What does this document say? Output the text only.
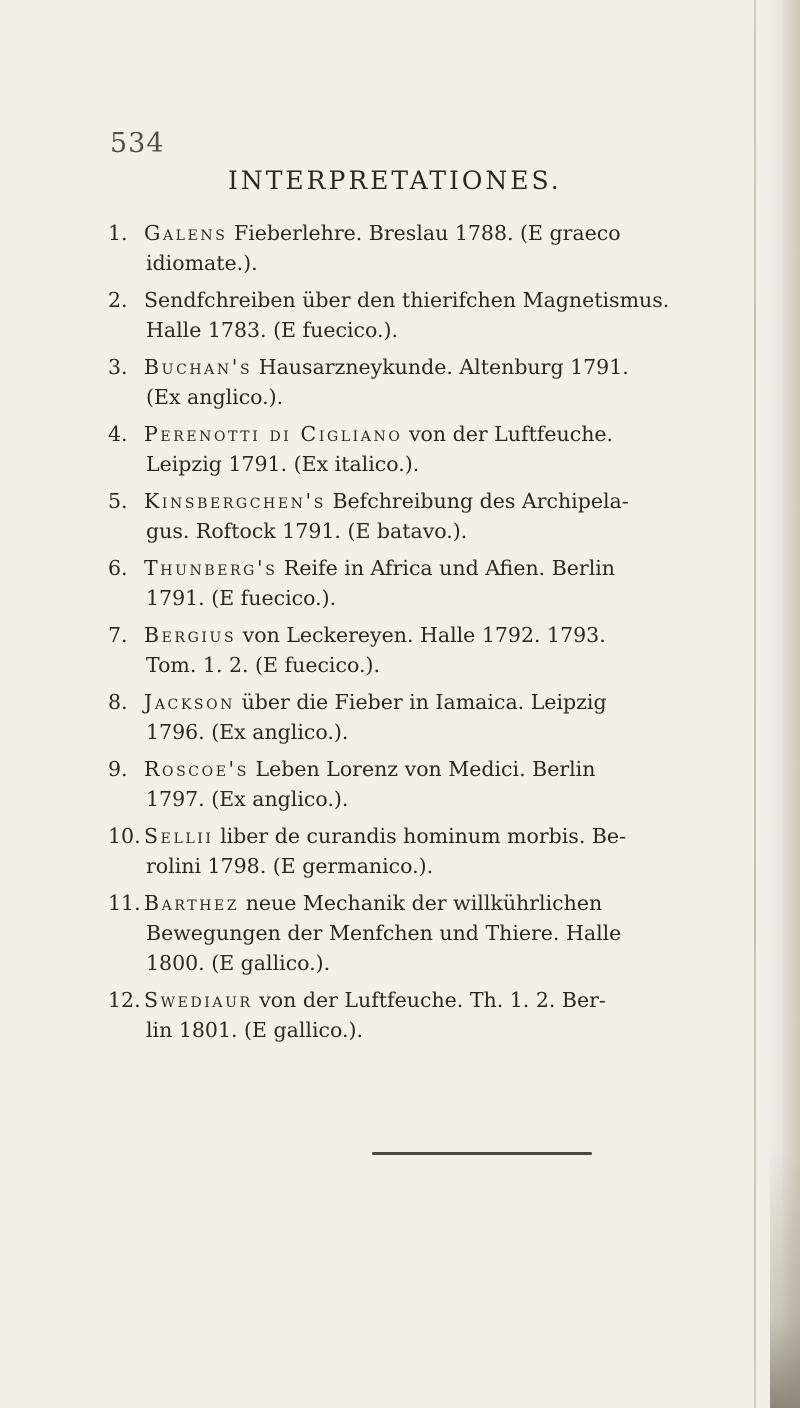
534
INTERPRETATIONES.
1. Galens Fieberlehre. Breslau 1788. (E graeco
idiomate.).
2. Sendfchreiben über den thierifchen Magnetismus.
Halle 1783. (E fuecico.).
3. Buchan's Hausarzneykunde. Altenburg 1791.
(Ex anglico.).
4. Perenotti di Cigliano von der Luftfeuche.
Leipzig 1791. (Ex italico.).
5. Kinsbergchen's Befchreibung des Archipela-
gus. Roftock 1791. (E batavo.).
6. Thunberg's Reife in Africa und Afien. Berlin
1791. (E fuecico.).
7. Bergius von Leckereyen. Halle 1792. 1793.
Tom. 1. 2. (E fuecico.).
8. Jackson über die Fieber in Iamaica. Leipzig
1796. (Ex anglico.).
9. Roscoe's Leben Lorenz von Medici. Berlin
1797. (Ex anglico.).
10. Sellii liber de curandis hominum morbis. Be-
rolini 1798. (E germanico.).
11. Barthez neue Mechanik der willkührlichen
Bewegungen der Menfchen und Thiere. Halle
1800. (E gallico.).
12. Swediaur von der Luftfeuche. Th. 1. 2. Ber-
lin 1801. (E gallico.).
